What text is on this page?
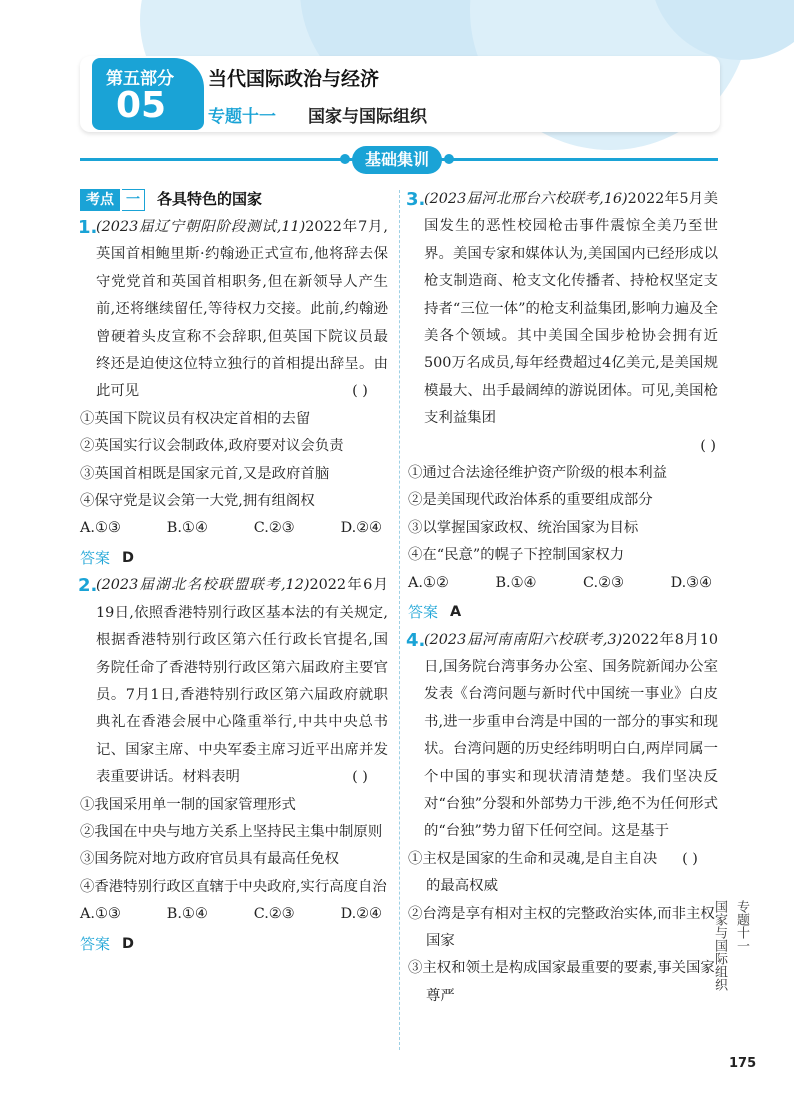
第五部分
05
当代国际政治与经济
专题十一 国家与国际组织
基础集训
考点 一	各具特色的国家
1.
(2023届辽宁朝阳阶段测试,11)2022年7月,英国首相鲍里斯·约翰逊正式宣布,他将辞去保守党党首和英国首相职务,但在新领导人产生前,还将继续留任,等待权力交接。此前,约翰逊曾硬着头皮宣称不会辞职,但英国下院议员最终还是迫使这位特立独行的首相提出辞呈。由此可见	( )
①英国下院议员有权决定首相的去留
②英国实行议会制政体,政府要对议会负责
③英国首相既是国家元首,又是政府首脑
④保守党是议会第一大党,拥有组阁权
A.①③	B.①④	C.②③	D.②④
答案 D
2.
(2023届湖北名校联盟联考,12)2022年6月19日,依照香港特别行政区基本法的有关规定,根据香港特别行政区第六任行政长官提名,国务院任命了香港特别行政区第六届政府主要官员。7月1日,香港特别行政区第六届政府就职典礼在香港会展中心隆重举行,中共中央总书记、国家主席、中央军委主席习近平出席并发表重要讲话。材料表明	( )
①我国采用单一制的国家管理形式
②我国在中央与地方关系上坚持民主集中制原则
③国务院对地方政府官员具有最高任免权
④香港特别行政区直辖于中央政府,实行高度自治
A.①③	B.①④	C.②③	D.②④
答案 D
3.
(2023届河北邢台六校联考,16)2022年5月美国发生的恶性校园枪击事件震惊全美乃至世界。美国专家和媒体认为,美国国内已经形成以枪支制造商、枪支文化传播者、持枪权坚定支持者“三位一体”的枪支利益集团,影响力遍及全美各个领域。其中美国全国步枪协会拥有近500万名成员,每年经费超过4亿美元,是美国规模最大、出手最阔绰的游说团体。可见,美国枪支利益集团
( )
①通过合法途径维护资产阶级的根本利益
②是美国现代政治体系的重要组成部分
③以掌握国家政权、统治国家为目标
④在“民意”的幌子下控制国家权力
A.①②	B.①④	C.②③	D.③④
答案 A
4.
(2023届河南南阳六校联考,3)2022年8月10日,国务院台湾事务办公室、国务院新闻办公室发表《台湾问题与新时代中国统一事业》白皮书,进一步重申台湾是中国的一部分的事实和现状。台湾问题的历史经纬明明白白,两岸同属一个中国的事实和现状清清楚楚。我们坚决反对“台独”分裂和外部势力干涉,绝不为任何形式的“台独”势力留下任何空间。这是基于
( )
①主权是国家的生命和灵魂,是自主自决的最高权威
②台湾是享有相对主权的完整政治实体,而非主权国家
③主权和领土是构成国家最重要的要素,事关国家尊严
专题十一
国家与国际组织
175
